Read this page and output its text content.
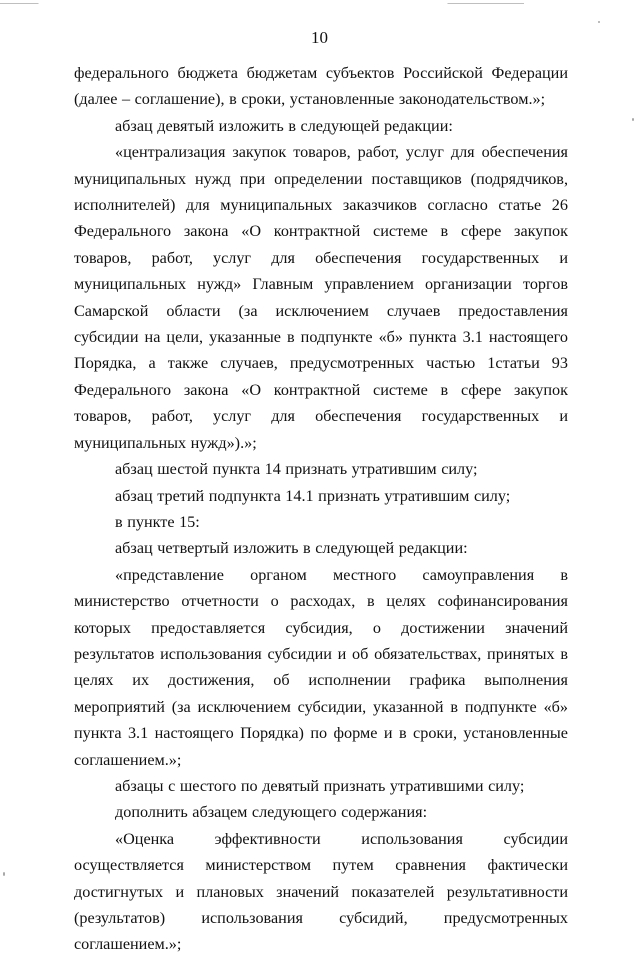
10

федерального бюджета бюджетам субъектов Российской Федерации (далее – соглашение), в сроки, установленные законодательством.»;

абзац девятый изложить в следующей редакции:

«централизация закупок товаров, работ, услуг для обеспечения муниципальных нужд при определении поставщиков (подрядчиков, исполнителей) для муниципальных заказчиков согласно статье 26 Федерального закона «О контрактной системе в сфере закупок товаров, работ, услуг для обеспечения государственных и муниципальных нужд» Главным управлением организации торгов Самарской области (за исключением случаев предоставления субсидии на цели, указанные в подпункте «б» пункта 3.1 настоящего Порядка, а также случаев, предусмотренных частью 1статьи 93 Федерального закона «О контрактной системе в сфере закупок товаров, работ, услуг для обеспечения государственных и муниципальных нужд»).»;

абзац шестой пункта 14 признать утратившим силу;

абзац третий подпункта 14.1 признать утратившим силу;

в пункте 15:

абзац четвертый изложить в следующей редакции:

«представление органом местного самоуправления в министерство отчетности о расходах, в целях софинансирования которых предоставляется субсидия, о достижении значений результатов использования субсидии и об обязательствах, принятых в целях их достижения, об исполнении графика выполнения мероприятий (за исключением субсидии, указанной в подпункте «б» пункта 3.1 настоящего Порядка) по форме и в сроки, установленные соглашением.»;

абзацы с шестого по девятый признать утратившими силу;

дополнить абзацем следующего содержания:

«Оценка эффективности использования субсидии осуществляется министерством путем сравнения фактически достигнутых и плановых значений показателей результативности (результатов) использования субсидий, предусмотренных соглашением.»;
